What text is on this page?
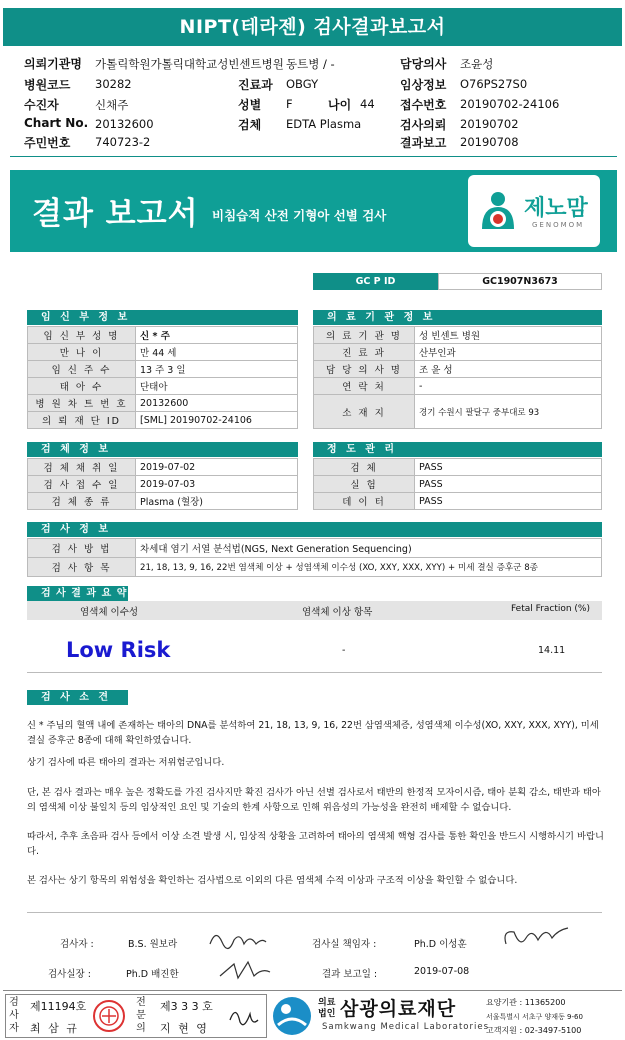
NIPT(테라젠) 검사결과보고서
의뢰기관명 가톨릭학원가톨릭대학교성빈센트병원 동트병 / -	담당의사 조윤성
병원코드 30282	진료과 OBGY	임상정보 O76PS27S0
수진자	신채주	성별 F	나이 44 접수번호 20190702-24106
Chart No. 20132600	검체 EDTA Plasma	검사의뢰 20190702
주민번호 740723-2	결과보고 20190708
결과 보고서 비침습적 산전 기형아 선별 검사	제노맘
GENOMOM
GC P ID	GC1907N3673
임 신 부 정 보
임 신 부 성 명	신 * 주
만 나 이	만 44 세
임 신 주 수	13 주 3 일
태 아 수	단태아
병 원 차 트 번 호	20132600
의 뢰 재 단 ID	[SML] 20190702-24106
의 료 기 관 정 보
의 료 기 관 명	성 빈센트 병원
진 료 과	산부인과
담 당 의 사 명	조 윤 성
연 락 처	-
소 재 지	경기 수원시 팔달구 중부대로 93
검 체 정 보
검 체 채 취 일	2019-07-02
검 사 접 수 일	2019-07-03
검 체 종 류	Plasma (혈장)
정 도 관 리
검 체	PASS
실 험	PASS
데 이 터	PASS
검 사 정 보
검 사 방 법	차세대 염기 서열 분석법(NGS, Next Generation Sequencing)
검 사 항 목	21, 18, 13, 9, 16, 22번 염색체 이상 + 성염색체 이수성 (XO, XXY, XXX, XYY) + 미세 결실 증후군 8종
검 사 결 과 요 약
염색체 이수성	염색체 이상 항목	Fetal Fraction (%)
Low Risk	-	14.11
검 사 소 견
신 * 주님의 혈액 내에 존재하는 태아의 DNA를 분석하여 21, 18, 13, 9, 16, 22번 삼염색체증, 성염색체 이수성(XO, XXY, XXX, XYY), 미세 결실 증후군 8종에 대해 확인하였습니다.
상기 검사에 따른 태아의 결과는 저위험군입니다.
단, 본 검사 결과는 매우 높은 정확도를 가진 검사지만 확진 검사가 아닌 선별 검사로서 태반의 한정적 모자이시즘, 태아 분획 감소, 태반과 태아의 염색체 이상 불일치 등의 임상적인 요인 및 기술의 한계 사항으로 인해 위음성의 가능성을 완전히 배제할 수 없습니다.
따라서, 추후 초음파 검사 등에서 이상 소견 발생 시, 임상적 상황을 고려하여 태아의 염색체 핵형 검사를 통한 확인을 반드시 시행하시기 바랍니다.
본 검사는 상기 항목의 위험성을 확인하는 검사법으로 이외의 다른 염색체 수적 이상과 구조적 이상을 확인할 수 없습니다.
검사자 :	B.S. 원보라	검사실 책임자 :	Ph.D 이성훈
검사실장 :	Ph.D 배진한	결과 보고일 :	2019-07-08
검사자
제11194호
최 삼 규
전문의
제3 3 3 호
지 현 영
의료
법인 삼광의료재단
Samkwang Medical Laboratories
요양기관 : 11365200
서울특별시 서초구 양재동 9-60
고객지원 : 02-3497-5100
